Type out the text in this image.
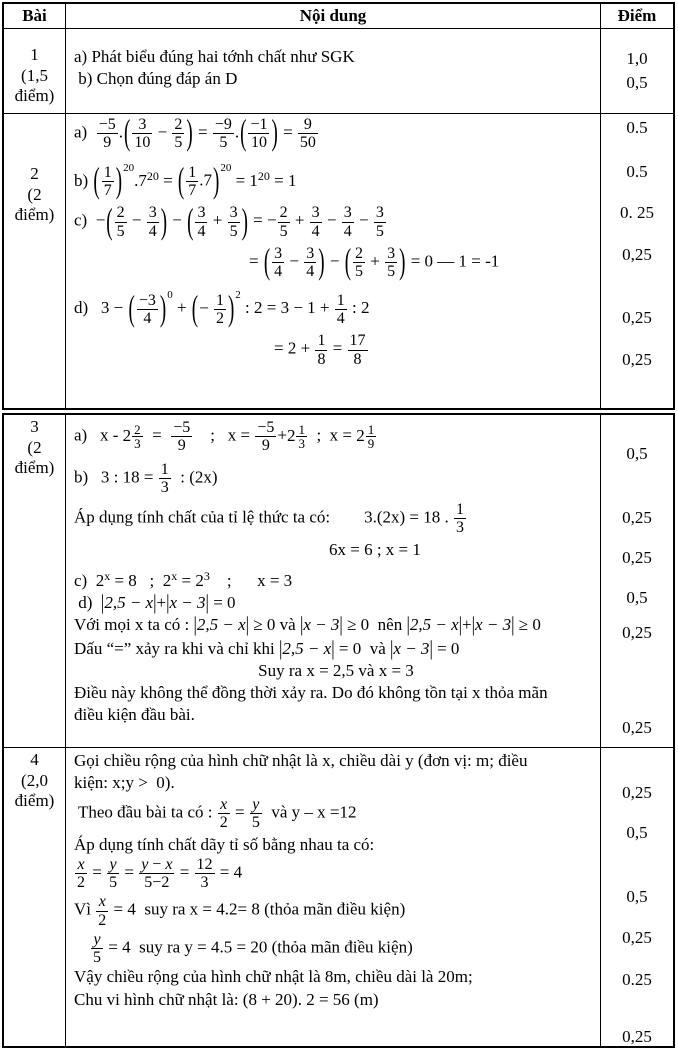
Bài	Nội dung	Điểm
1
(1,5
điểm)
a) Phát biểu đúng hai tớnh chất như SGK
b) Chọn đúng đáp án D
1,0
0,5
2
(2
điểm)
$a) \frac{-5}{9}$ .( $\frac{3}{10} - \frac{2}{5}$ ) = $\frac{-9}{5}$ .( $\frac{-1}{10}$ ) = $\frac{9}{50}$
b) ( $\frac{1}{7} )^{20}.7^{20}$ = ( $\frac{1}{7} .7)^{20} = 1^{20} = 1$
c)  −( $\frac{2}{5} - \frac{3}{4}$ ) − ( $\frac{3}{4} + \frac{3}{5}$ ) = − $\frac{2}{5} + \frac{3}{4} - \frac{3}{4} - \frac{3}{5}$
= ( $\frac{3}{4} - \frac{3}{4}$ ) − ( $\frac{2}{5} + \frac{3}{5}$ ) = 0 — 1 = -1
d)   3 − ( $\frac{-3}{4} )^0$ + (− $\frac{1}{2} )^2$ : $2 = 3 - 1 + \frac{1}{4}$ : 2
= $2 + \frac{1}{8} = \frac{17}{8}$
0.5
0.5
0. 25
0,25
0,25
0,25
3
(2
điểm)
a)   $x - 2 \frac{2}{3} = \frac{-5}{9}$ ;   $x = \frac{-5}{9} +2 \frac{1}{3}$ ;  $x = 2 \frac{1}{9}$
b)   3 : $18 = \frac{1}{3}$ : (2x)
Áp dụng tính chất của tỉ lệ thức ta có:        3.(2x) = 18 . $\frac{1}{3}$
6x = 6 ; x = 1
c)  $2^x = 8$   ;  $2^x = 2^3$    ;      x = 3
d)  |2,5 − x|+|x − 3| = 0
Với mọi x ta có : |2,5 − x| ≥ 0 và |x − 3| ≥ 0  nên |2,5 − x|+|x − 3| ≥ 0
Dấu “=” xảy ra khi và chỉ khi |2,5 − x| = 0  và |x − 3| = 0
Suy ra x = 2,5 và x = 3
Điều này không thể đồng thời xảy ra. Do đó không tồn tại x thỏa mãn
điều kiện đầu bài.
0,5
0,25
0,25
0,5
0,25
0,25
4
(2,0
điểm)
Gọi chiều rộng của hình chữ nhật là x, chiều dài y (đơn vị: m; điều
kiện: x;y >  0).
Theo đầu bài ta có : $\frac{x}{2} = \frac{y}{5}$ và y – x =12
Áp dụng tính chất dãy tỉ số bằng nhau ta có:
$\frac{x}{2} = \frac{y}{5} = \frac{y - x}{5-2} = \frac{12}{3} = 4$
Vì $\frac{x}{2} = 4$  suy ra x = 4.2= 8 (thỏa mãn điều kiện)
$\frac{y}{5} = 4$  suy ra y = 4.5 = 20 (thỏa mãn điều kiện)
Vậy chiều rộng của hình chữ nhật là 8m, chiều dài là 20m;
Chu vi hình chữ nhật là: (8 + 20). 2 = 56 (m)
0,25
0,5
0,5
0,25
0.25
0,25
